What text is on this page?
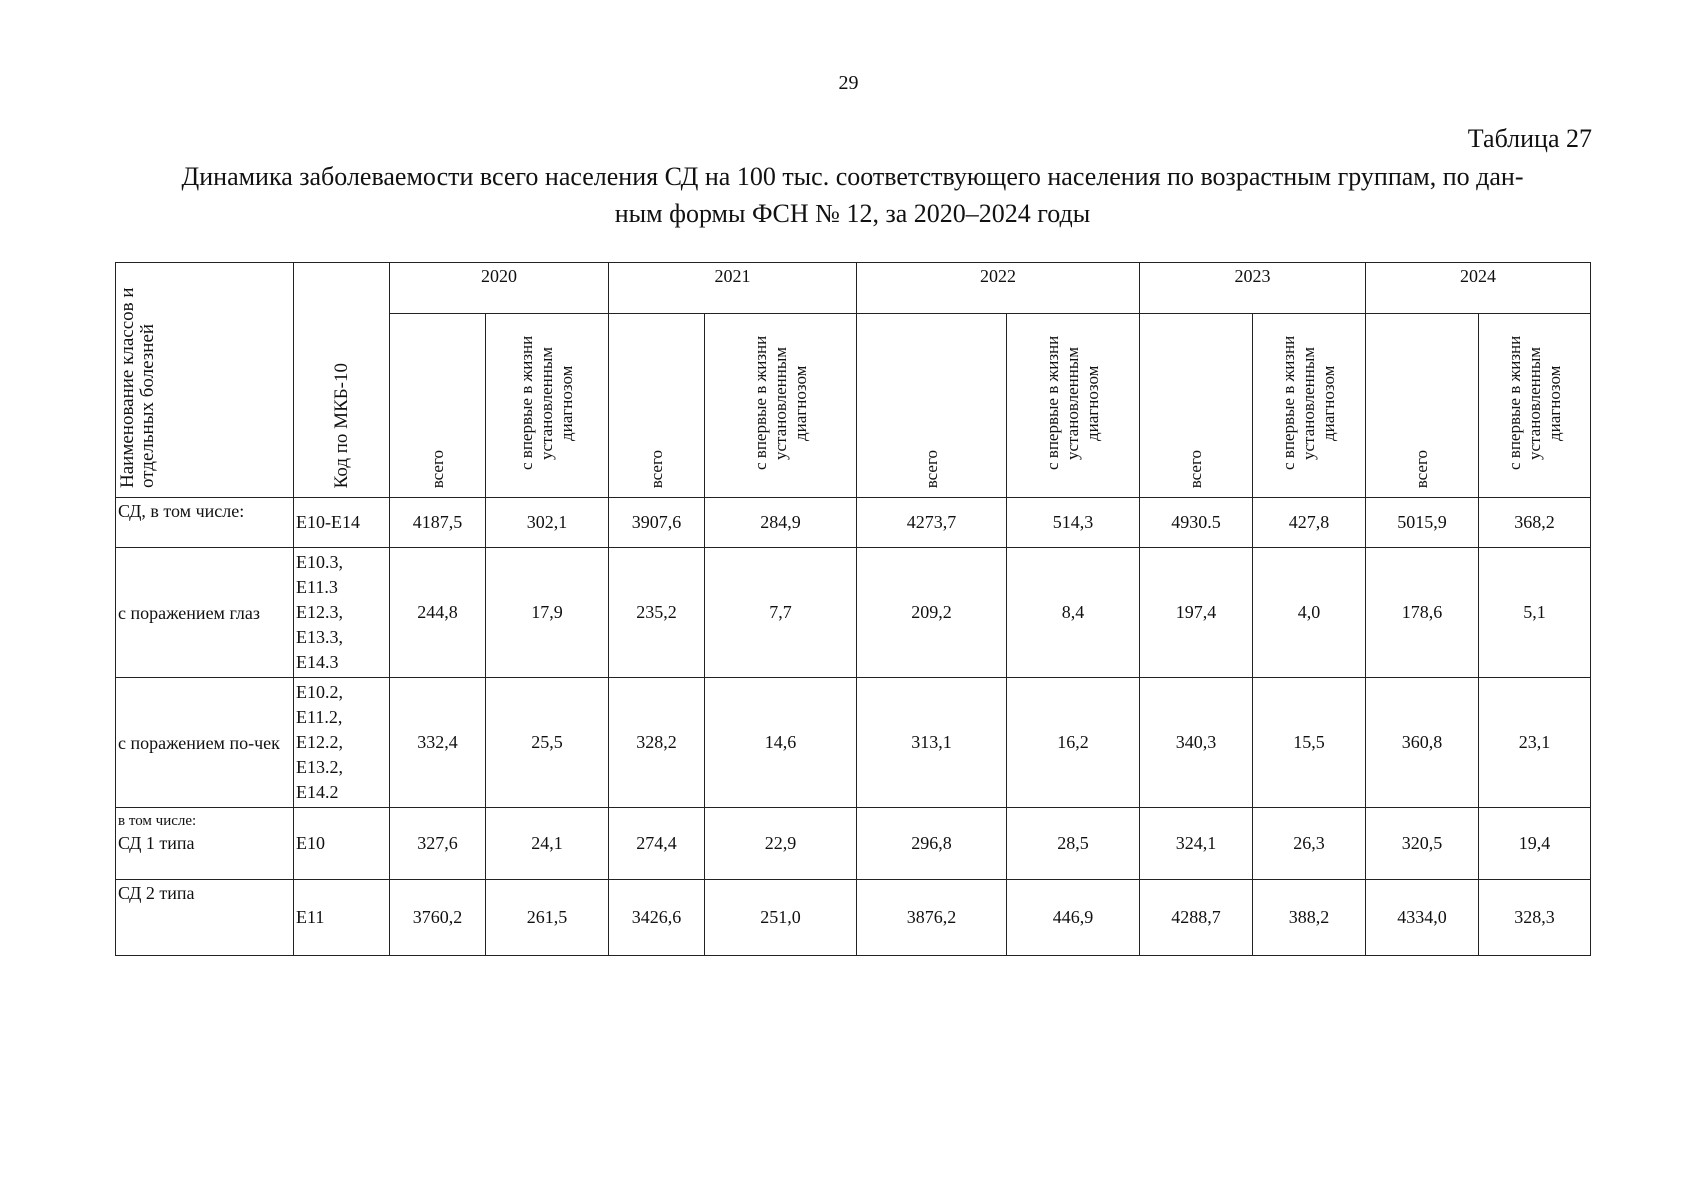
29
Таблица 27
Динамика заболеваемости всего населения СД на 100 тыс. соответствующего населения по возрастным группам, по дан-
ным формы ФСН № 12, за 2020–2024 годы
Наименование классов и отдельных болезней	Код по МКБ-10	2020		2021		2022		2023		2024	
		всего	с впервые в жизни установленным диагнозом	всего	с впервые в жизни установленным диагнозом	всего	с впервые в жизни установленным диагнозом	всего	с впервые в жизни установленным диагнозом	всего	с впервые в жизни установленным диагнозом
СД, в том числе:	Е10-Е14	4187,5	302,1	3907,6	284,9	4273,7	514,3	4930.5	427,8	5015,9	368,2
с поражением глаз	Е10.3,
Е11.3
Е12.3,
Е13.3,
Е14.3	244,8	17,9	235,2	7,7	209,2	8,4	197,4	4,0	178,6	5,1
с поражением по-чек	Е10.2,
Е11.2,
Е12.2,
Е13.2,
Е14.2	332,4	25,5	328,2	14,6	313,1	16,2	340,3	15,5	360,8	23,1

в том числе:
СД 1 типа	Е10	327,6	24,1	274,4	22,9	296,8	28,5	324,1	26,3	320,5	19,4
СД 2 типа	Е11	3760,2	261,5	3426,6	251,0	3876,2	446,9	4288,7	388,2	4334,0	328,3
